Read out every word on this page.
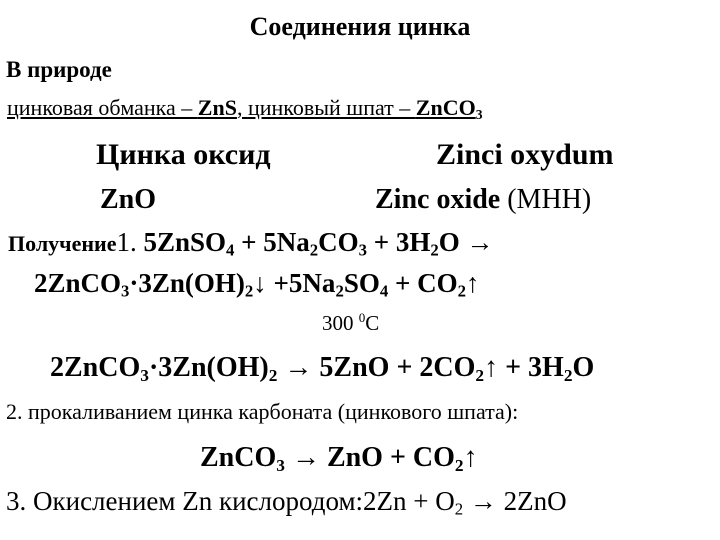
Соединения цинка
В природе
цинковая обманка – ZnS, цинковый шпат – ZnCO$_3$
Цинка оксид	Zinci oxydum
ZnO	Zinc oxide (МНН)
Получение1. 5ZnSO$_4$ + $5Na_2CO_3 + 3H_2O$ →
$2ZnCO_3\cdot 3Zn(OH)_2↓ +5Na_2SO_4$ + $CO_2↑$
300 $^0$C
$2ZnCO_3\cdot 3Zn(OH)_2 \to 5ZnO$ + $2CO_2↑ + 3H_2O$
2. прокаливанием цинка карбоната (цинкового шпата):
ZnCO$_3$ → ZnO + $CO_2↑$
3. Окислением Zn кислородом:2Zn + $O_2 \to 2ZnO$
